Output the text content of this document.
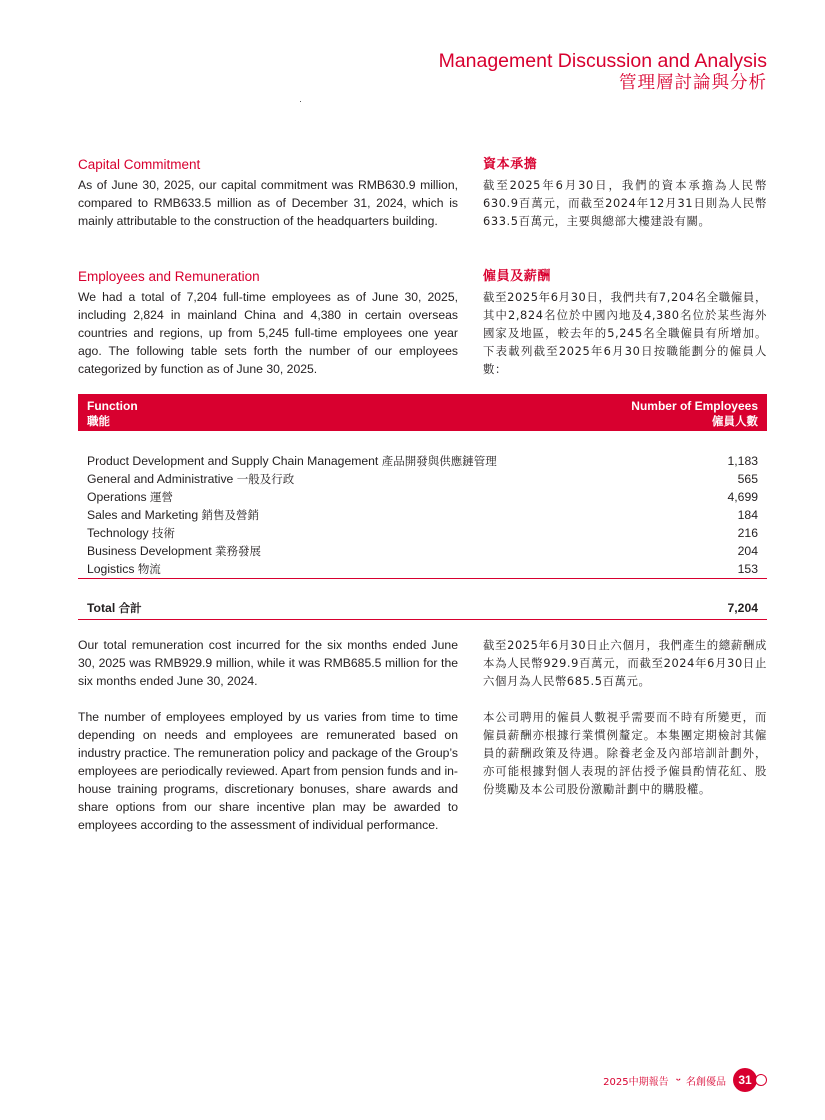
Management Discussion and Analysis
管理層討論與分析
Capital Commitment

As of June 30, 2025, our capital commitment was RMB630.9 million, compared to RMB633.5 million as of December 31, 2024, which is mainly attributable to the construction of the headquarters building.

資本承擔

截至2025年6月30日，我們的資本承擔為人民幣630.9百萬元，而截至2024年12月31日則為人民幣633.5百萬元，主要與總部大樓建設有關。

Employees and Remuneration

We had a total of 7,204 full-time employees as of June 30, 2025, including 2,824 in mainland China and 4,380 in certain overseas countries and regions, up from 5,245 full-time employees one year ago. The following table sets forth the number of our employees categorized by function as of June 30, 2025.

僱員及薪酬

截至2025年6月30日，我們共有7,204名全職僱員，其中2,824名位於中國內地及4,380名位於某些海外國家及地區，較去年的5,245名全職僱員有所增加。下表載列截至2025年6月30日按職能劃分的僱員人數：

Function
職能
Number of Employees
僱員人數
Product Development and Supply Chain Management 產品開發與供應鏈管理	1,183
General and Administrative 一般及行政	565
Operations 運營	4,699
Sales and Marketing 銷售及營銷	184
Technology 技術	216
Business Development 業務發展	204
Logistics 物流	153
Total 合計	7,204

Our total remuneration cost incurred for the six months ended June 30, 2025 was RMB929.9 million, while it was RMB685.5 million for the six months ended June 30, 2024.

截至2025年6月30日止六個月，我們產生的總薪酬成本為人民幣929.9百萬元，而截至2024年6月30日止六個月為人民幣685.5百萬元。

The number of employees employed by us varies from time to time depending on needs and employees are remunerated based on industry practice. The remuneration policy and package of the Group’s employees are periodically reviewed. Apart from pension funds and in-house training programs, discretionary bonuses, share awards and share options from our share incentive plan may be awarded to employees according to the assessment of individual performance.

本公司聘用的僱員人數視乎需要而不時有所變更，而僱員薪酬亦根據行業慣例釐定。本集團定期檢討其僱員的薪酬政策及待遇。除養老金及內部培訓計劃外，亦可能根據對個人表現的評估授予僱員酌情花紅、股份獎勵及本公司股份激勵計劃中的購股權。

2025中期報告 ᵕ 名創優品	31
